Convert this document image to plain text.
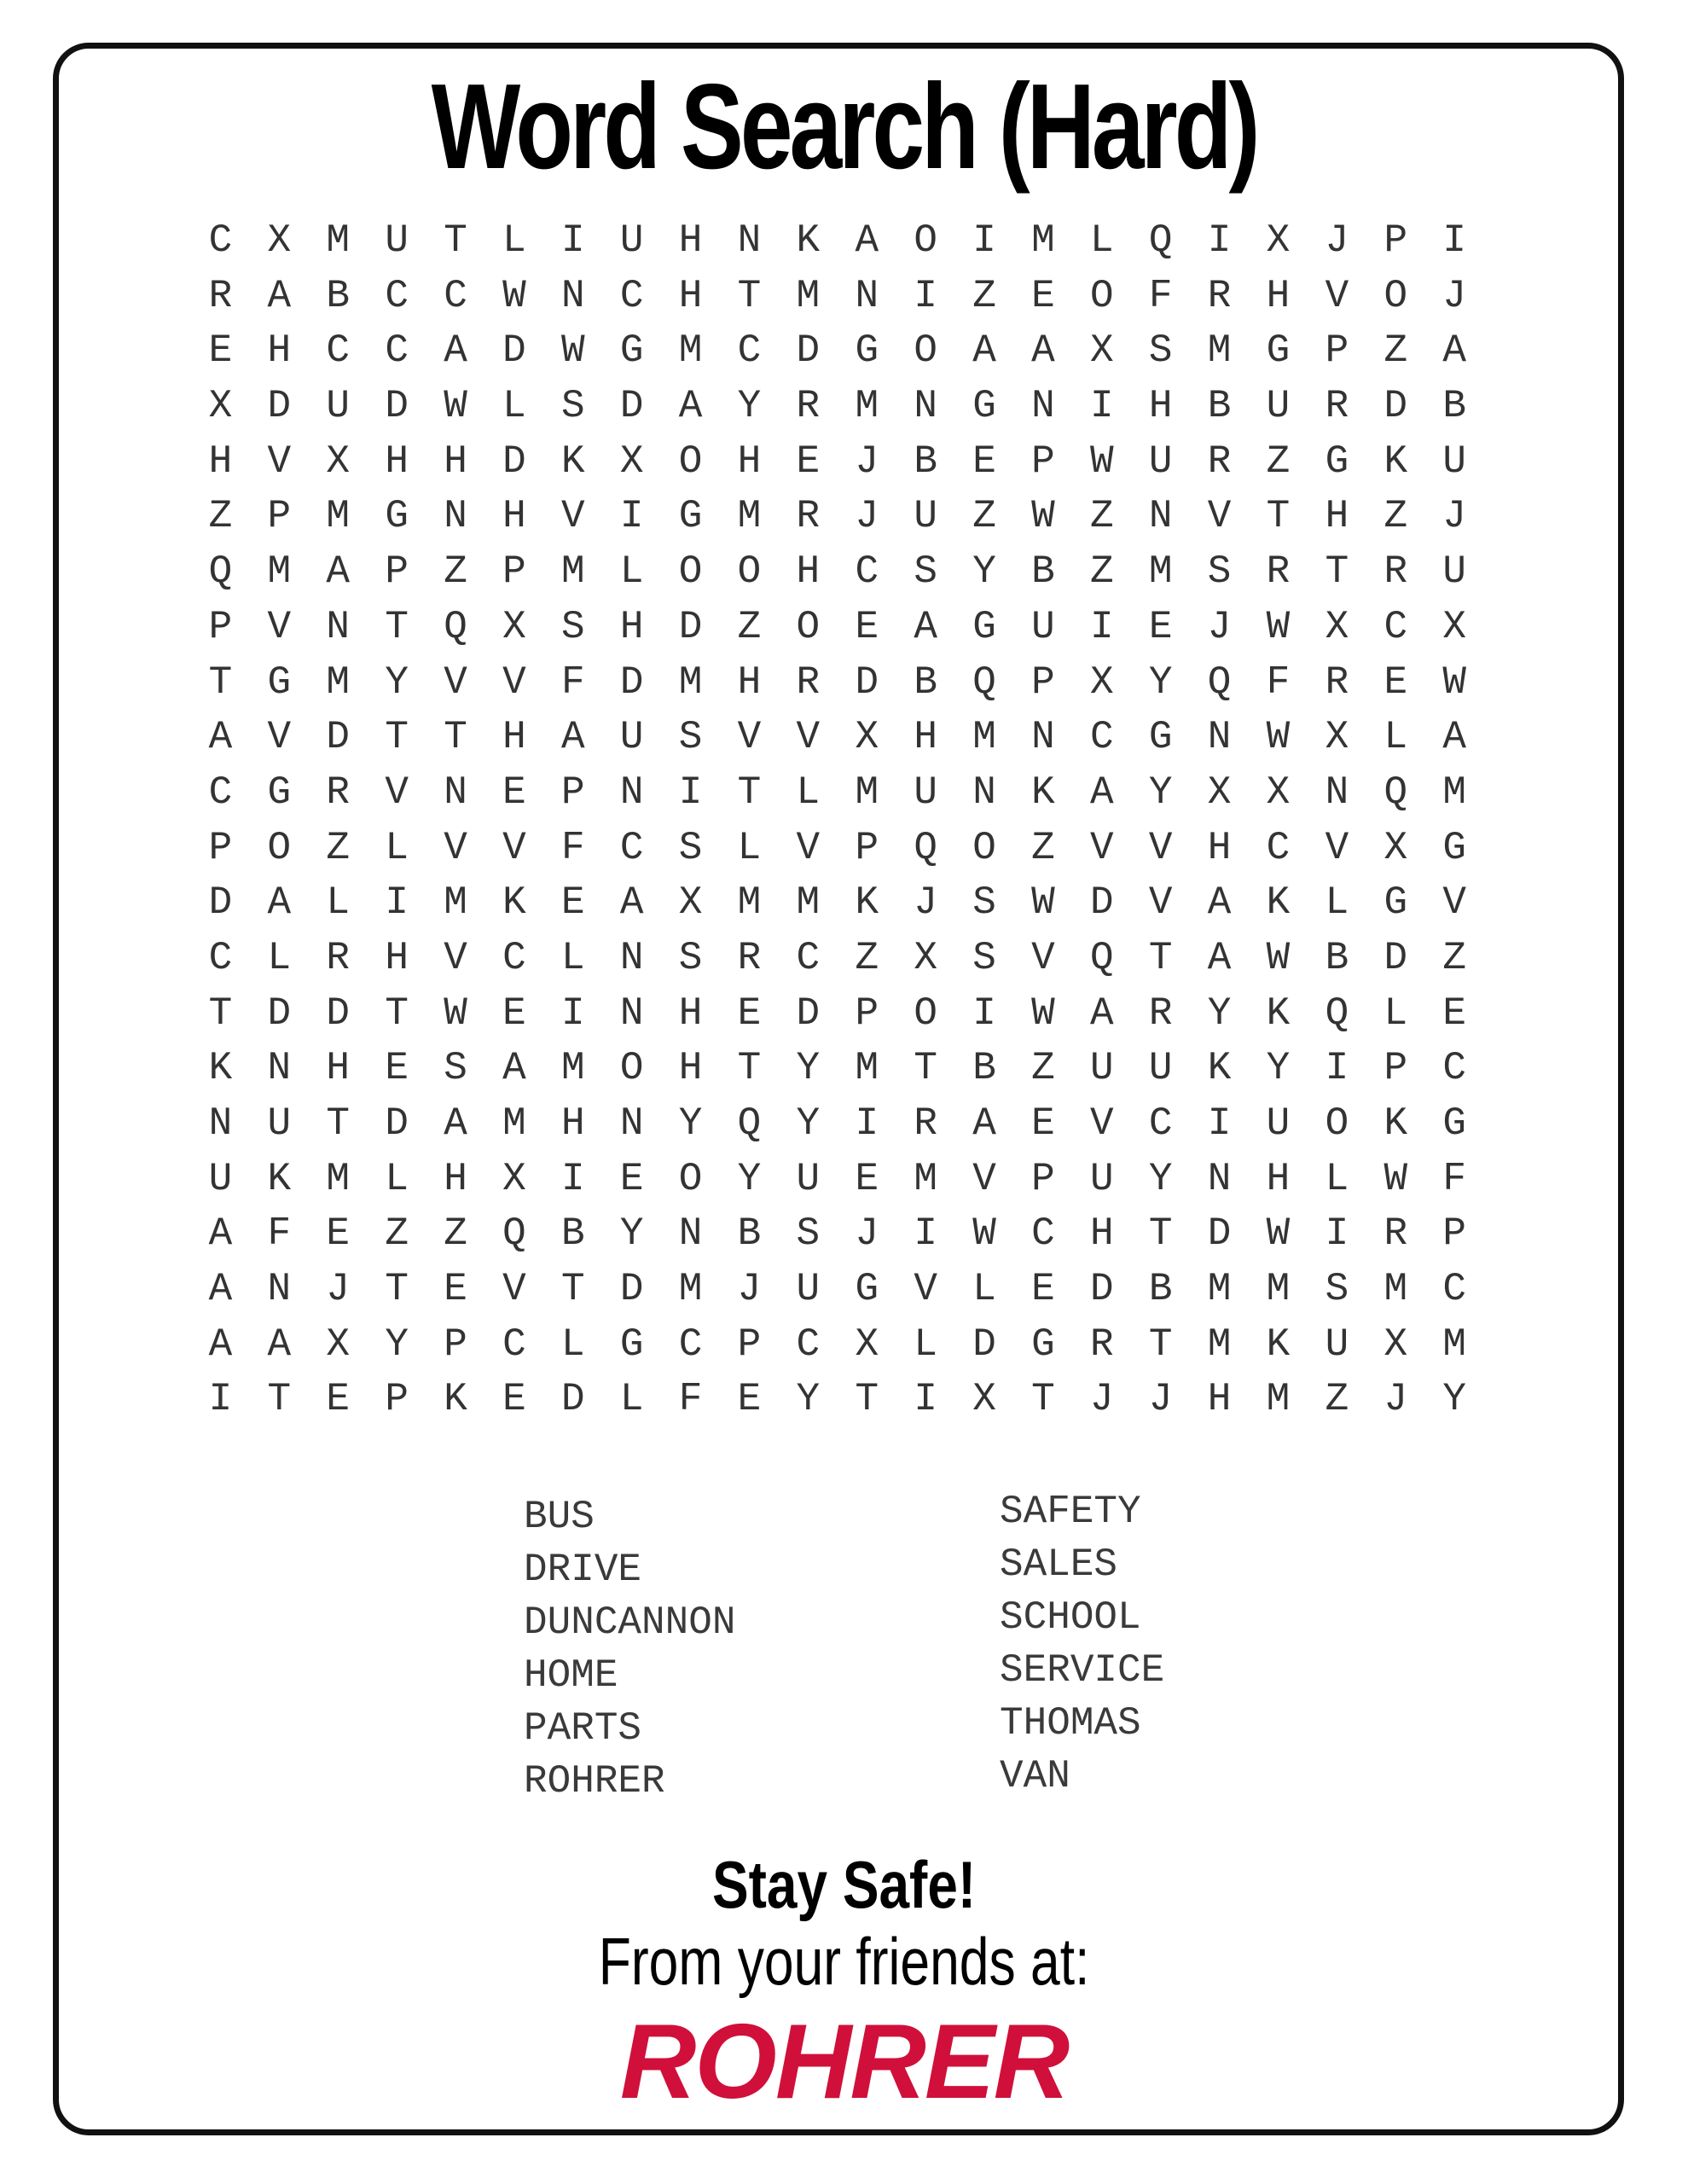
Word Search (Hard)
C X M U T L I U H N K A O I M L Q I X J P I
R A B C C W N C H T M N I Z E O F R H V O J
E H C C A D W G M C D G O A A X S M G P Z A
X D U D W L S D A Y R M N G N I H B U R D B
H V X H H D K X O H E J B E P W U R Z G K U
Z P M G N H V I G M R J U Z W Z N V T H Z J
Q M A P Z P M L O O H C S Y B Z M S R T R U
P V N T Q X S H D Z O E A G U I E J W X C X
T G M Y V V F D M H R D B Q P X Y Q F R E W
A V D T T H A U S V V X H M N C G N W X L A
C G R V N E P N I T L M U N K A Y X X N Q M
P O Z L V V F C S L V P Q O Z V V H C V X G
D A L I M K E A X M M K J S W D V A K L G V
C L R H V C L N S R C Z X S V Q T A W B D Z
T D D T W E I N H E D P O I W A R Y K Q L E
K N H E S A M O H T Y M T B Z U U K Y I P C
N U T D A M H N Y Q Y I R A E V C I U O K G
U K M L H X I E O Y U E M V P U Y N H L W F
A F E Z Z Q B Y N B S J I W C H T D W I R P
A N J T E V T D M J U G V L E D B M M S M C
A A X Y P C L G C P C X L D G R T M K U X M
I T E P K E D L F E Y T I X T J J H M Z J Y
BUS
DRIVE
DUNCANNON
HOME
PARTS
ROHRER
SAFETY
SALES
SCHOOL
SERVICE
THOMAS
VAN
Stay Safe!
From your friends at:
ROHRER
